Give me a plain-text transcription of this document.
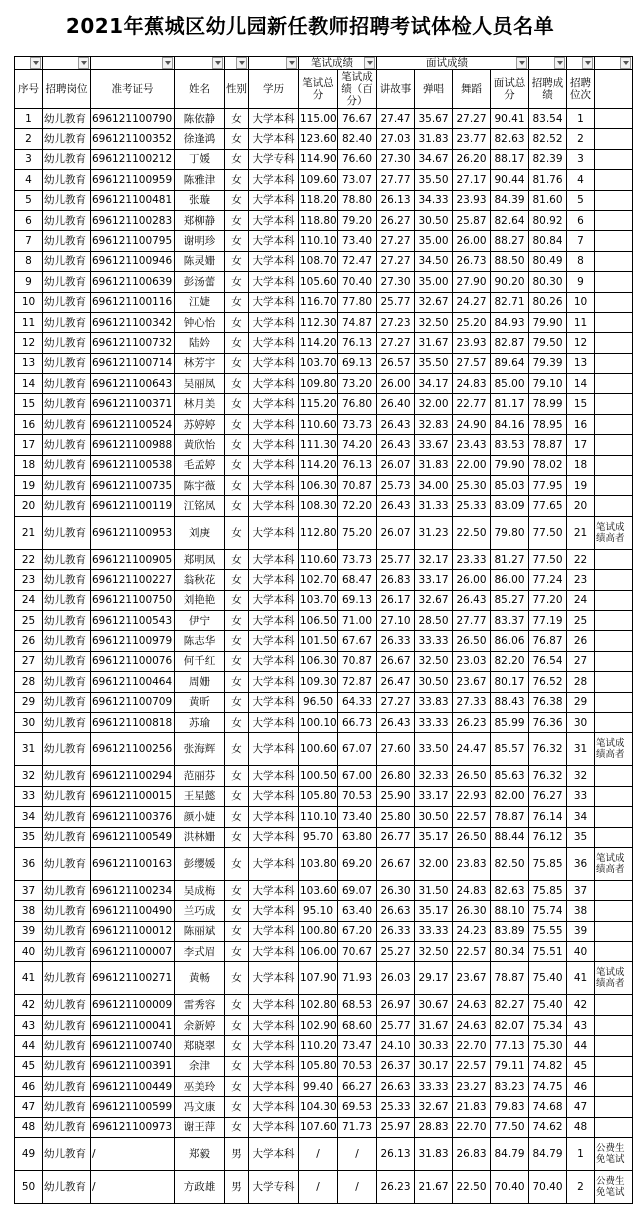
2021年蕉城区幼儿园新任教师招聘考试体检人员名单

	笔试成绩		面试成绩			

序号	招聘岗位	准考证号	姓名	性别	学历	笔试总分	笔试成绩（百分）	讲故事	弹唱	舞蹈	面试总分	招聘成绩	招聘位次	
1	幼儿教育	696121100790	陈依静	女	大学本科	115.00	76.67	27.47	35.67	27.27	90.41	83.54	1	
2	幼儿教育	696121100352	徐逢鸿	女	大学本科	123.60	82.40	27.03	31.83	23.77	82.63	82.52	2	
3	幼儿教育	696121100212	丁媛	女	大学专科	114.90	76.60	27.30	34.67	26.20	88.17	82.39	3	
4	幼儿教育	696121100959	陈雅津	女	大学本科	109.60	73.07	27.77	35.50	27.17	90.44	81.76	4	
5	幼儿教育	696121100481	张璇	女	大学本科	118.20	78.80	26.13	34.33	23.93	84.39	81.60	5	
6	幼儿教育	696121100283	郑柳静	女	大学本科	118.80	79.20	26.27	30.50	25.87	82.64	80.92	6	
7	幼儿教育	696121100795	谢明珍	女	大学本科	110.10	73.40	27.27	35.00	26.00	88.27	80.84	7	
8	幼儿教育	696121100946	陈灵姗	女	大学本科	108.70	72.47	27.27	34.50	26.73	88.50	80.49	8	
9	幼儿教育	696121100639	彭汤蕾	女	大学本科	105.60	70.40	27.30	35.00	27.90	90.20	80.30	9	
10	幼儿教育	696121100116	江婕	女	大学本科	116.70	77.80	25.77	32.67	24.27	82.71	80.26	10	
11	幼儿教育	696121100342	钟心怡	女	大学本科	112.30	74.87	27.23	32.50	25.20	84.93	79.90	11	
12	幼儿教育	696121100732	陆妗	女	大学本科	114.20	76.13	27.27	31.67	23.93	82.87	79.50	12	
13	幼儿教育	696121100714	林芳宇	女	大学本科	103.70	69.13	26.57	35.50	27.57	89.64	79.39	13	
14	幼儿教育	696121100643	吴丽凤	女	大学本科	109.80	73.20	26.00	34.17	24.83	85.00	79.10	14	
15	幼儿教育	696121100371	林月美	女	大学本科	115.20	76.80	26.40	32.00	22.77	81.17	78.99	15	
16	幼儿教育	696121100524	苏婷婷	女	大学本科	110.60	73.73	26.43	32.83	24.90	84.16	78.95	16	
17	幼儿教育	696121100988	黄欣怡	女	大学本科	111.30	74.20	26.43	33.67	23.43	83.53	78.87	17	
18	幼儿教育	696121100538	毛孟婷	女	大学本科	114.20	76.13	26.07	31.83	22.00	79.90	78.02	18	
19	幼儿教育	696121100735	陈宇薇	女	大学本科	106.30	70.87	25.73	34.00	25.30	85.03	77.95	19	
20	幼儿教育	696121100119	江铭凤	女	大学本科	108.30	72.20	26.43	31.33	25.33	83.09	77.65	20	
21	幼儿教育	696121100953	刘庚	女	大学本科	112.80	75.20	26.07	31.23	22.50	79.80	77.50	21	笔试成绩高者
22	幼儿教育	696121100905	郑明凤	女	大学本科	110.60	73.73	25.77	32.17	23.33	81.27	77.50	22	
23	幼儿教育	696121100227	翁秋花	女	大学本科	102.70	68.47	26.83	33.17	26.00	86.00	77.24	23	
24	幼儿教育	696121100750	刘艳艳	女	大学本科	103.70	69.13	26.17	32.67	26.43	85.27	77.20	24	
25	幼儿教育	696121100543	伊宁	女	大学本科	106.50	71.00	27.10	28.50	27.77	83.37	77.19	25	
26	幼儿教育	696121100979	陈志华	女	大学本科	101.50	67.67	26.33	33.33	26.50	86.06	76.87	26	
27	幼儿教育	696121100076	何千红	女	大学本科	106.30	70.87	26.67	32.50	23.03	82.20	76.54	27	
28	幼儿教育	696121100464	周姗	女	大学本科	109.30	72.87	26.47	30.50	23.67	80.17	76.52	28	
29	幼儿教育	696121100709	黄昕	女	大学本科	96.50	64.33	27.27	33.83	27.33	88.43	76.38	29	
30	幼儿教育	696121100818	苏瑜	女	大学本科	100.10	66.73	26.43	33.33	26.23	85.99	76.36	30	
31	幼儿教育	696121100256	张海辉	女	大学本科	100.60	67.07	27.60	33.50	24.47	85.57	76.32	31	笔试成绩高者
32	幼儿教育	696121100294	范丽芬	女	大学本科	100.50	67.00	26.80	32.33	26.50	85.63	76.32	32	
33	幼儿教育	696121100015	王星懿	女	大学本科	105.80	70.53	25.90	33.17	22.93	82.00	76.27	33	
34	幼儿教育	696121100376	颜小婕	女	大学本科	110.10	73.40	25.80	30.50	22.57	78.87	76.14	34	
35	幼儿教育	696121100549	洪林姗	女	大学本科	95.70	63.80	26.77	35.17	26.50	88.44	76.12	35	
36	幼儿教育	696121100163	彭缨媛	女	大学本科	103.80	69.20	26.67	32.00	23.83	82.50	75.85	36	笔试成绩高者
37	幼儿教育	696121100234	吴成梅	女	大学本科	103.60	69.07	26.30	31.50	24.83	82.63	75.85	37	
38	幼儿教育	696121100490	兰巧成	女	大学本科	95.10	63.40	26.63	35.17	26.30	88.10	75.74	38	
39	幼儿教育	696121100012	陈丽斌	女	大学本科	100.80	67.20	26.33	33.33	24.23	83.89	75.55	39	
40	幼儿教育	696121100007	李式眉	女	大学本科	106.00	70.67	25.27	32.50	22.57	80.34	75.51	40	
41	幼儿教育	696121100271	黄畅	女	大学本科	107.90	71.93	26.03	29.17	23.67	78.87	75.40	41	笔试成绩高者
42	幼儿教育	696121100009	雷秀容	女	大学本科	102.80	68.53	26.97	30.67	24.63	82.27	75.40	42	
43	幼儿教育	696121100041	余新婷	女	大学本科	102.90	68.60	25.77	31.67	24.63	82.07	75.34	43	
44	幼儿教育	696121100740	郑晓翠	女	大学本科	110.20	73.47	24.10	30.33	22.70	77.13	75.30	44	
45	幼儿教育	696121100391	余津	女	大学本科	105.80	70.53	26.37	30.17	22.57	79.11	74.82	45	
46	幼儿教育	696121100449	巫美玲	女	大学本科	99.40	66.27	26.63	33.33	23.27	83.23	74.75	46	
47	幼儿教育	696121100599	冯文康	女	大学本科	104.30	69.53	25.33	32.67	21.83	79.83	74.68	47	
48	幼儿教育	696121100973	谢王萍	女	大学本科	107.60	71.73	25.97	28.83	22.70	77.50	74.62	48	
49	幼儿教育	/	郑毅	男	大学本科	/	/	26.13	31.83	26.83	84.79	84.79	1	公费生免笔试
50	幼儿教育	/	方政雄	男	大学专科	/	/	26.23	21.67	22.50	70.40	70.40	2	公费生免笔试
